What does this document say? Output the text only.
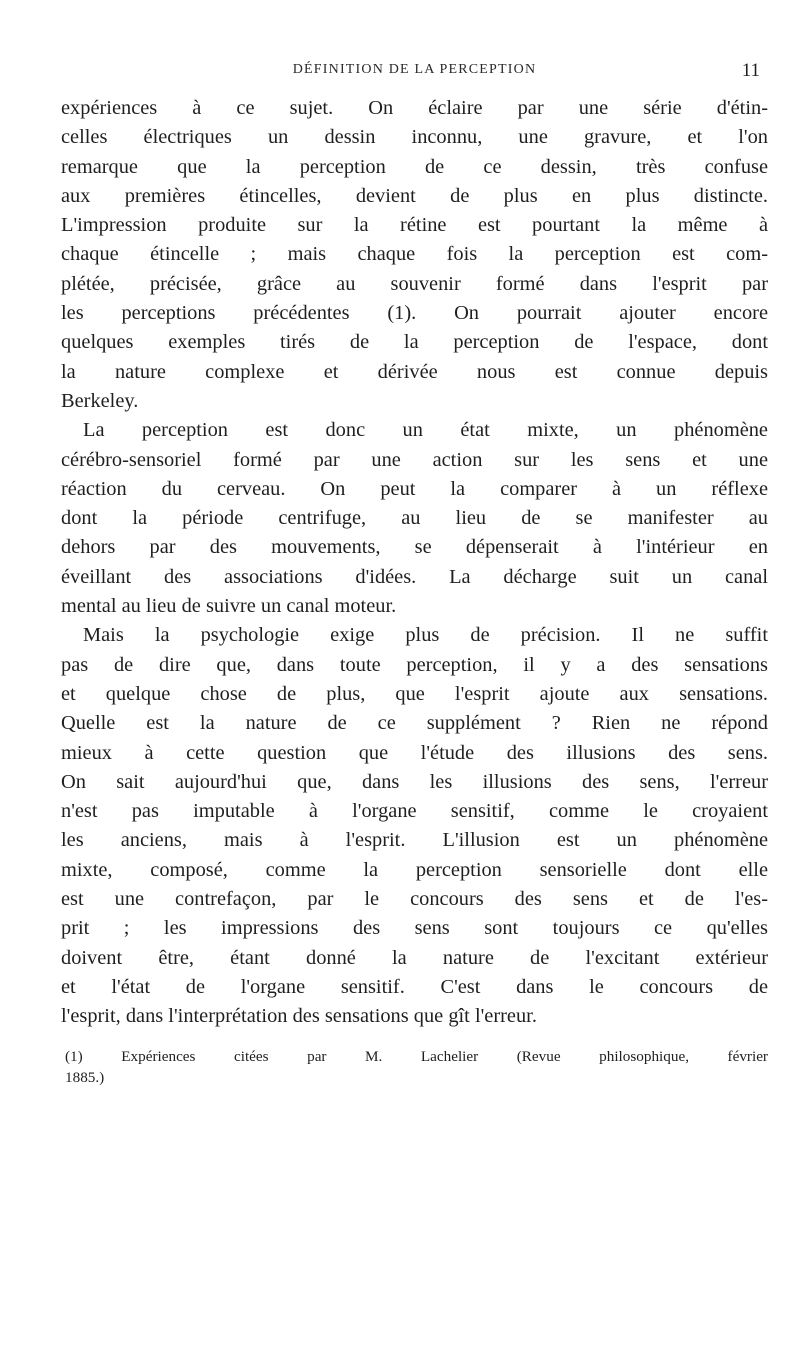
DÉFINITION DE LA PERCEPTION	11

expériences à ce sujet. On éclaire par une série d'étin-
celles électriques un dessin inconnu, une gravure, et l'on
remarque que la perception de ce dessin, très confuse
aux premières étincelles, devient de plus en plus distincte.
L'impression produite sur la rétine est pourtant la même à
chaque étincelle ; mais chaque fois la perception est com-
plétée, précisée, grâce au souvenir formé dans l'esprit par
les perceptions précédentes (1). On pourrait ajouter encore
quelques exemples tirés de la perception de l'espace, dont
la nature complexe et dérivée nous est connue depuis
Berkeley.

La perception est donc un état mixte, un phénomène
cérébro-sensoriel formé par une action sur les sens et une
réaction du cerveau. On peut la comparer à un réflexe
dont la période centrifuge, au lieu de se manifester au
dehors par des mouvements, se dépenserait à l'intérieur en
éveillant des associations d'idées. La décharge suit un canal
mental au lieu de suivre un canal moteur.

Mais la psychologie exige plus de précision. Il ne suffit
pas de dire que, dans toute perception, il y a des sensations
et quelque chose de plus, que l'esprit ajoute aux sensations.
Quelle est la nature de ce supplément ? Rien ne répond
mieux à cette question que l'étude des illusions des sens.
On sait aujourd'hui que, dans les illusions des sens, l'erreur
n'est pas imputable à l'organe sensitif, comme le croyaient
les anciens, mais à l'esprit. L'illusion est un phénomène
mixte, composé, comme la perception sensorielle dont elle
est une contrefaçon, par le concours des sens et de l'es-
prit ; les impressions des sens sont toujours ce qu'elles
doivent être, étant donné la nature de l'excitant extérieur
et l'état de l'organe sensitif. C'est dans le concours de
l'esprit, dans l'interprétation des sensations que gît l'erreur.

(1) Expériences citées par M. Lachelier (Revue philosophique, février
1885.)
